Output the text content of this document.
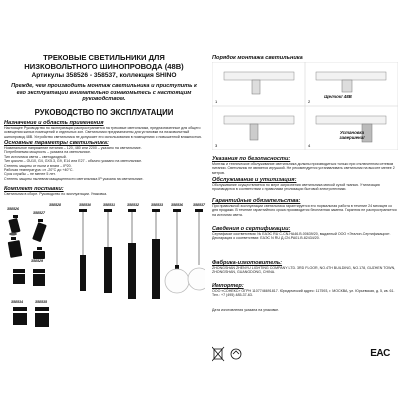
ТРЕКОВЫЕ СВЕТИЛЬНИКИ ДЛЯ
НИЗКОВОЛЬТНОГО ШИНОПРОВОДА (48В)
Артикулы 358526 - 358537, коллекция SHINO
Прежде, чем производить монтаж светильника и приступить к его эксплуатации внимательно ознакомьтесь с настоящим руководством.
РУКОВОДСТВО ПО ЭКСПЛУАТАЦИИ
Назначение и область применения
Настоящее Руководство по эксплуатации распространяется на трековые светильники, предназначенные для общего освещения жилых помещений и отдельных зон. Светильники предназначены для установки на низковольтный шинопровод 48В. Устройство светильника не допускает его использования в помещениях с повышенной влажностью.
Основные параметры светильника:
Номинальное напряжение питания – 120, 480 или 2200 – указано на светильнике.
Потребляемая мощность – указана на светильнике.
Тип источника света – светодиодный.
Тип цоколя – GU10, G4, GX5.3, G9, E14 или E27 - обычно указано на светильнике.
Степень защиты от пыли и влаги – IP20.
Рабочая температура: от -20°С до +40°С.
Срок службы – не менее 5 лет.
Степень защиты пылевлагозащищенности светильника IP указана на светильнике.
Комплект поставки:
Светильник в сборе. Руководство по эксплуатации. Упаковка.
358526
358527
358528	358530	358531	358532	358533 358536	358537
358529
358534	358535
Порядок монтажа светильника
1	2
3	4
Щелчок! 48В
Установка завершена!
Указания по безопасности:
Монтаж и техническое обслуживание светильника должны производиться только при отключенном сетевом питании. Светильник не является игрушкой. Не рекомендуется устанавливать светильник на высоте менее 2 метров.
Обслуживание и утилизация:
Обслуживание осуществляется по мере загрязнения светильника мягкой сухой тканью. Утилизация производится в соответствии с правилами утилизации бытовой электротехники.
Гарантийные обязательства:
При правильной эксплуатации светильника гарантируется его нормальная работа в течение 24 месяцев со дня продажи. В течение гарантийного срока производится бесплатная замена. Гарантия не распространяется на источник света.
Сведения о сертификации:
Сертификат соответствия: № ЕАЭС RU C-CN.НА46.В.00639/20, выданный ООО «Эталон-Сертификация». Декларация о соответствии: ЕАЭС N RU Д-CN.РА01.В.82434/20.
Фабрика-изготовитель:
ZHONGSHAN ZHENYU LIGHTING COMPANY LTD. 3RD FLOOR, NO.4TH BUILDING, NO.178, GUZHEN TOWN, ZHONGSHAN, GUANGDONG, CHINA.
Импортер:
ООО «СОНЕКС» ОГРН 1107746691817. Юридический адрес: 117593, г. МОСКВА, ул. Юрьевская, д. 5, кв. 61. Тел.: +7 (495) 485-37-63.
Дата изготовления указана на упаковке.
EAC
